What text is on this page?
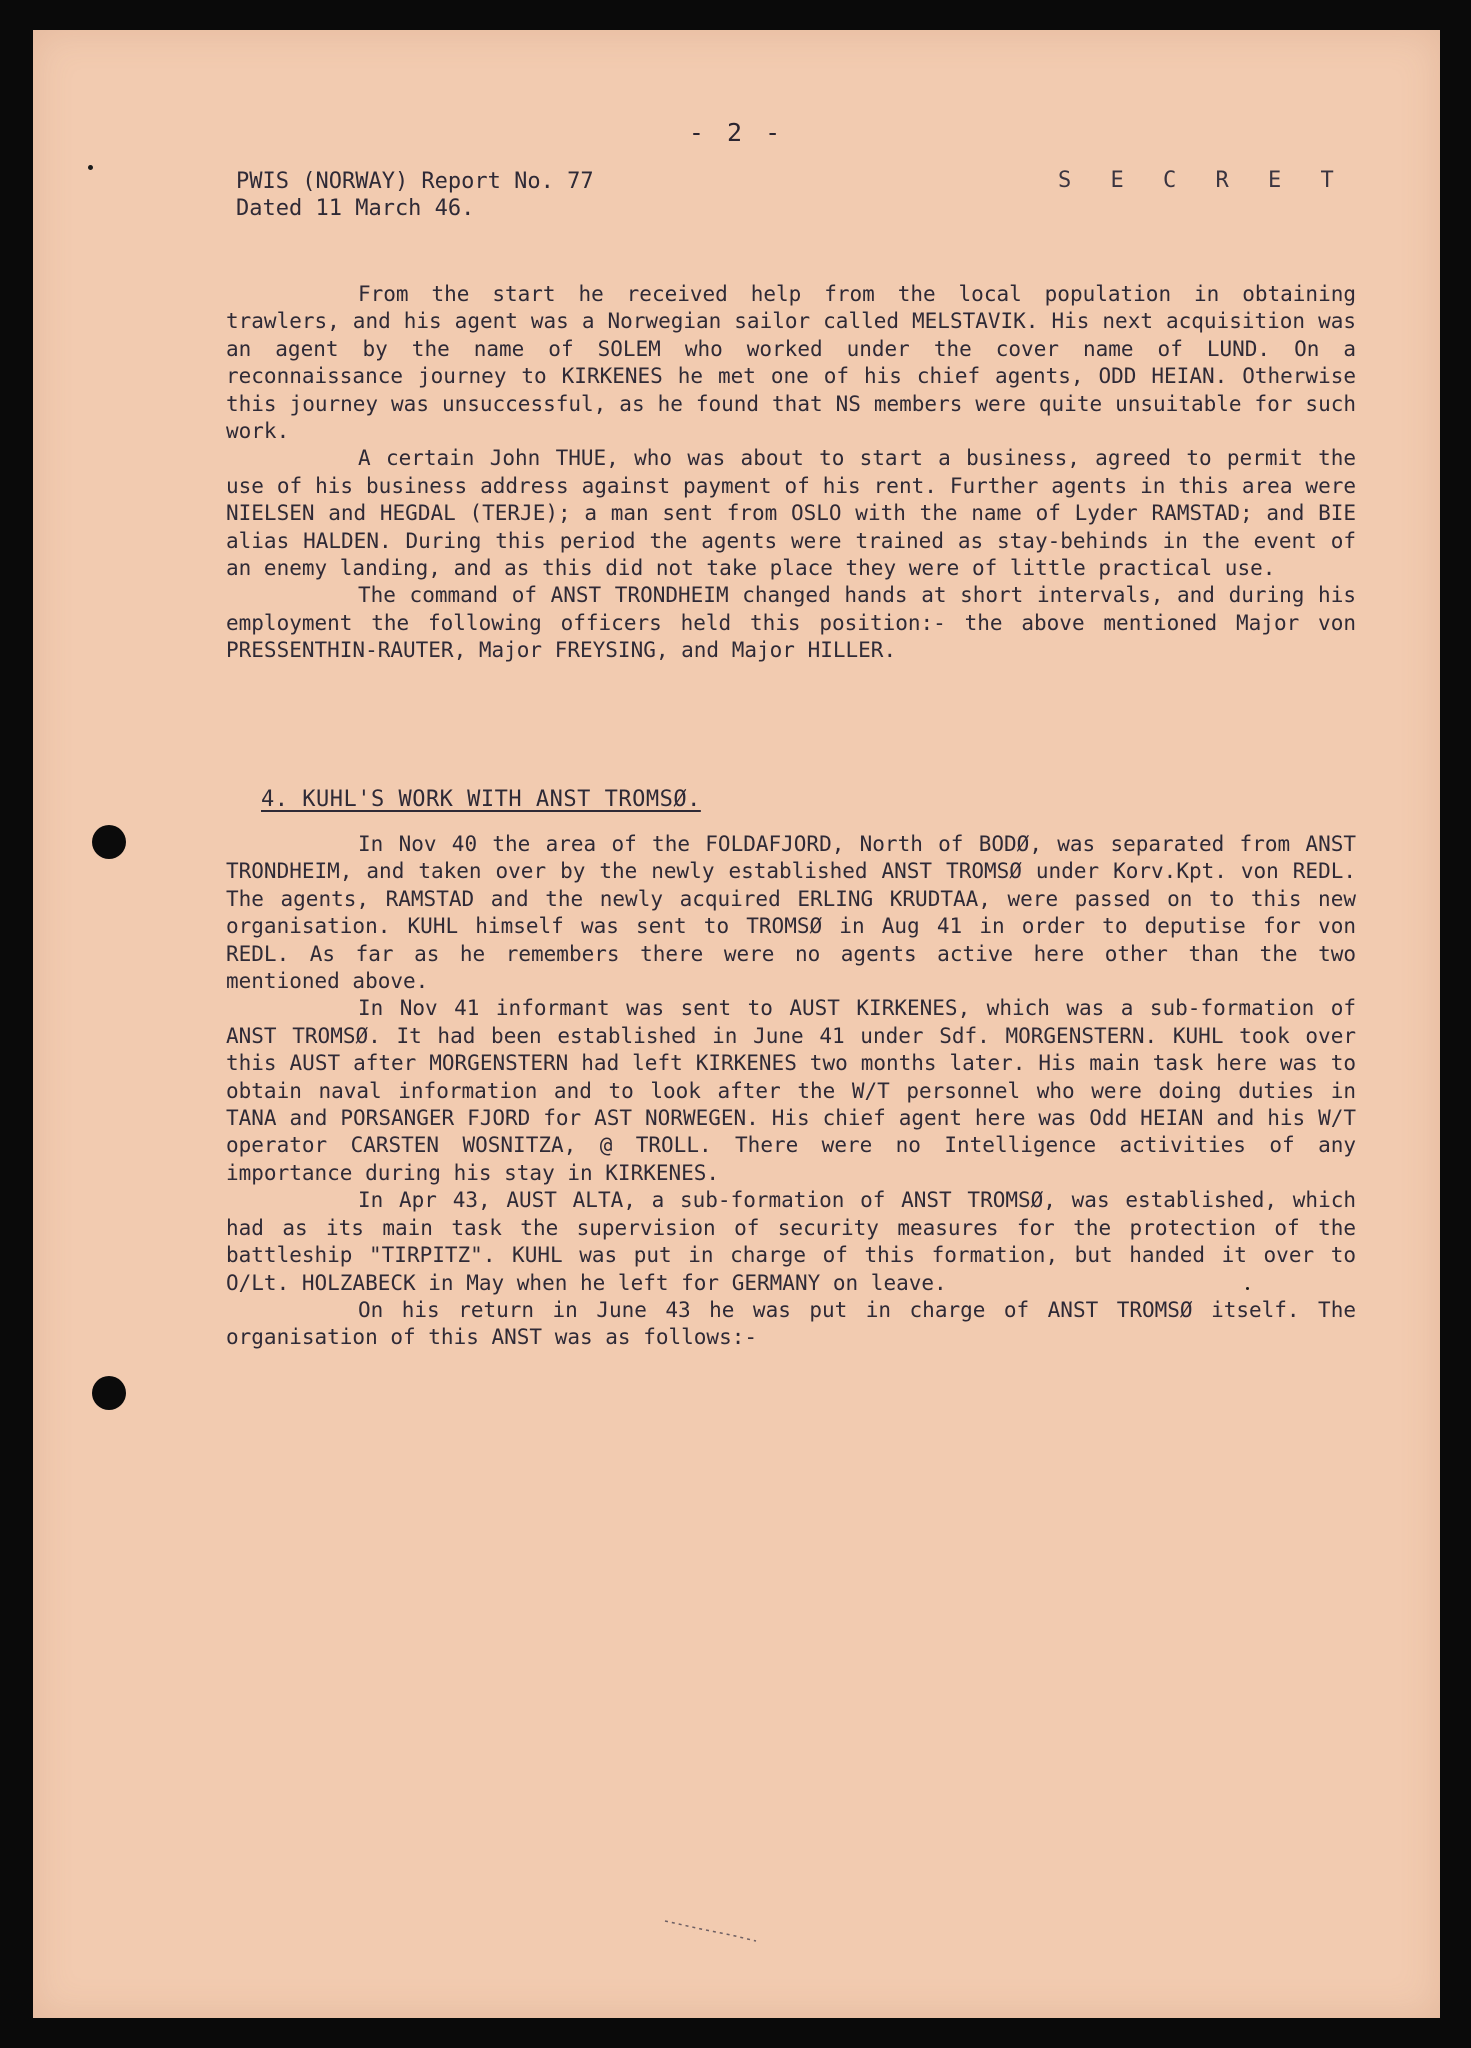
- 2 -
PWIS (NORWAY) Report No. 77
Dated 11 March 46.
S E C R E T

From the start he received help from the local population in obtaining trawlers, and his agent was a Norwegian sailor called MELSTAVIK. His next acquisition was an agent by the name of SOLEM who worked under the cover name of LUND. On a reconnaissance journey to KIRKENES he met one of his chief agents, ODD HEIAN. Otherwise this journey was unsuccessful, as he found that NS members were quite unsuitable for such work.

A certain John THUE, who was about to start a business, agreed to permit the use of his business address against payment of his rent. Further agents in this area were NIELSEN and HEGDAL (TERJE); a man sent from OSLO with the name of Lyder RAMSTAD; and BIE alias HALDEN. During this period the agents were trained as stay-behinds in the event of an enemy landing, and as this did not take place they were of little practical use.

The command of ANST TRONDHEIM changed hands at short intervals, and during his employment the following officers held this position:- the above mentioned Major von PRESSENTHIN-RAUTER, Major FREYSING, and Major HILLER.

4. KUHL'S WORK WITH ANST TROMSØ.

In Nov 40 the area of the FOLDAFJORD, North of BODØ, was separated from ANST TRONDHEIM, and taken over by the newly established ANST TROMSØ under Korv.Kpt. von REDL. The agents, RAMSTAD and the newly acquired ERLING KRUDTAA, were passed on to this new organisation. KUHL himself was sent to TROMSØ in Aug 41 in order to deputise for von REDL. As far as he remembers there were no agents active here other than the two mentioned above.

In Nov 41 informant was sent to AUST KIRKENES, which was a sub-formation of ANST TROMSØ. It had been established in June 41 under Sdf. MORGENSTERN. KUHL took over this AUST after MORGENSTERN had left KIRKENES two months later. His main task here was to obtain naval information and to look after the W/T personnel who were doing duties in TANA and PORSANGER FJORD for AST NORWEGEN. His chief agent here was Odd HEIAN and his W/T operator CARSTEN WOSNITZA, @ TROLL. There were no Intelligence activities of any importance during his stay in KIRKENES.

In Apr 43, AUST ALTA, a sub-formation of ANST TROMSØ, was established, which had as its main task the supervision of security measures for the protection of the battleship "TIRPITZ". KUHL was put in charge of this formation, but handed it over to O/Lt. HOLZABECK in May when he left for GERMANY on leave.

On his return in June 43 he was put in charge of ANST TROMSØ itself. The organisation of this ANST was as follows:-
